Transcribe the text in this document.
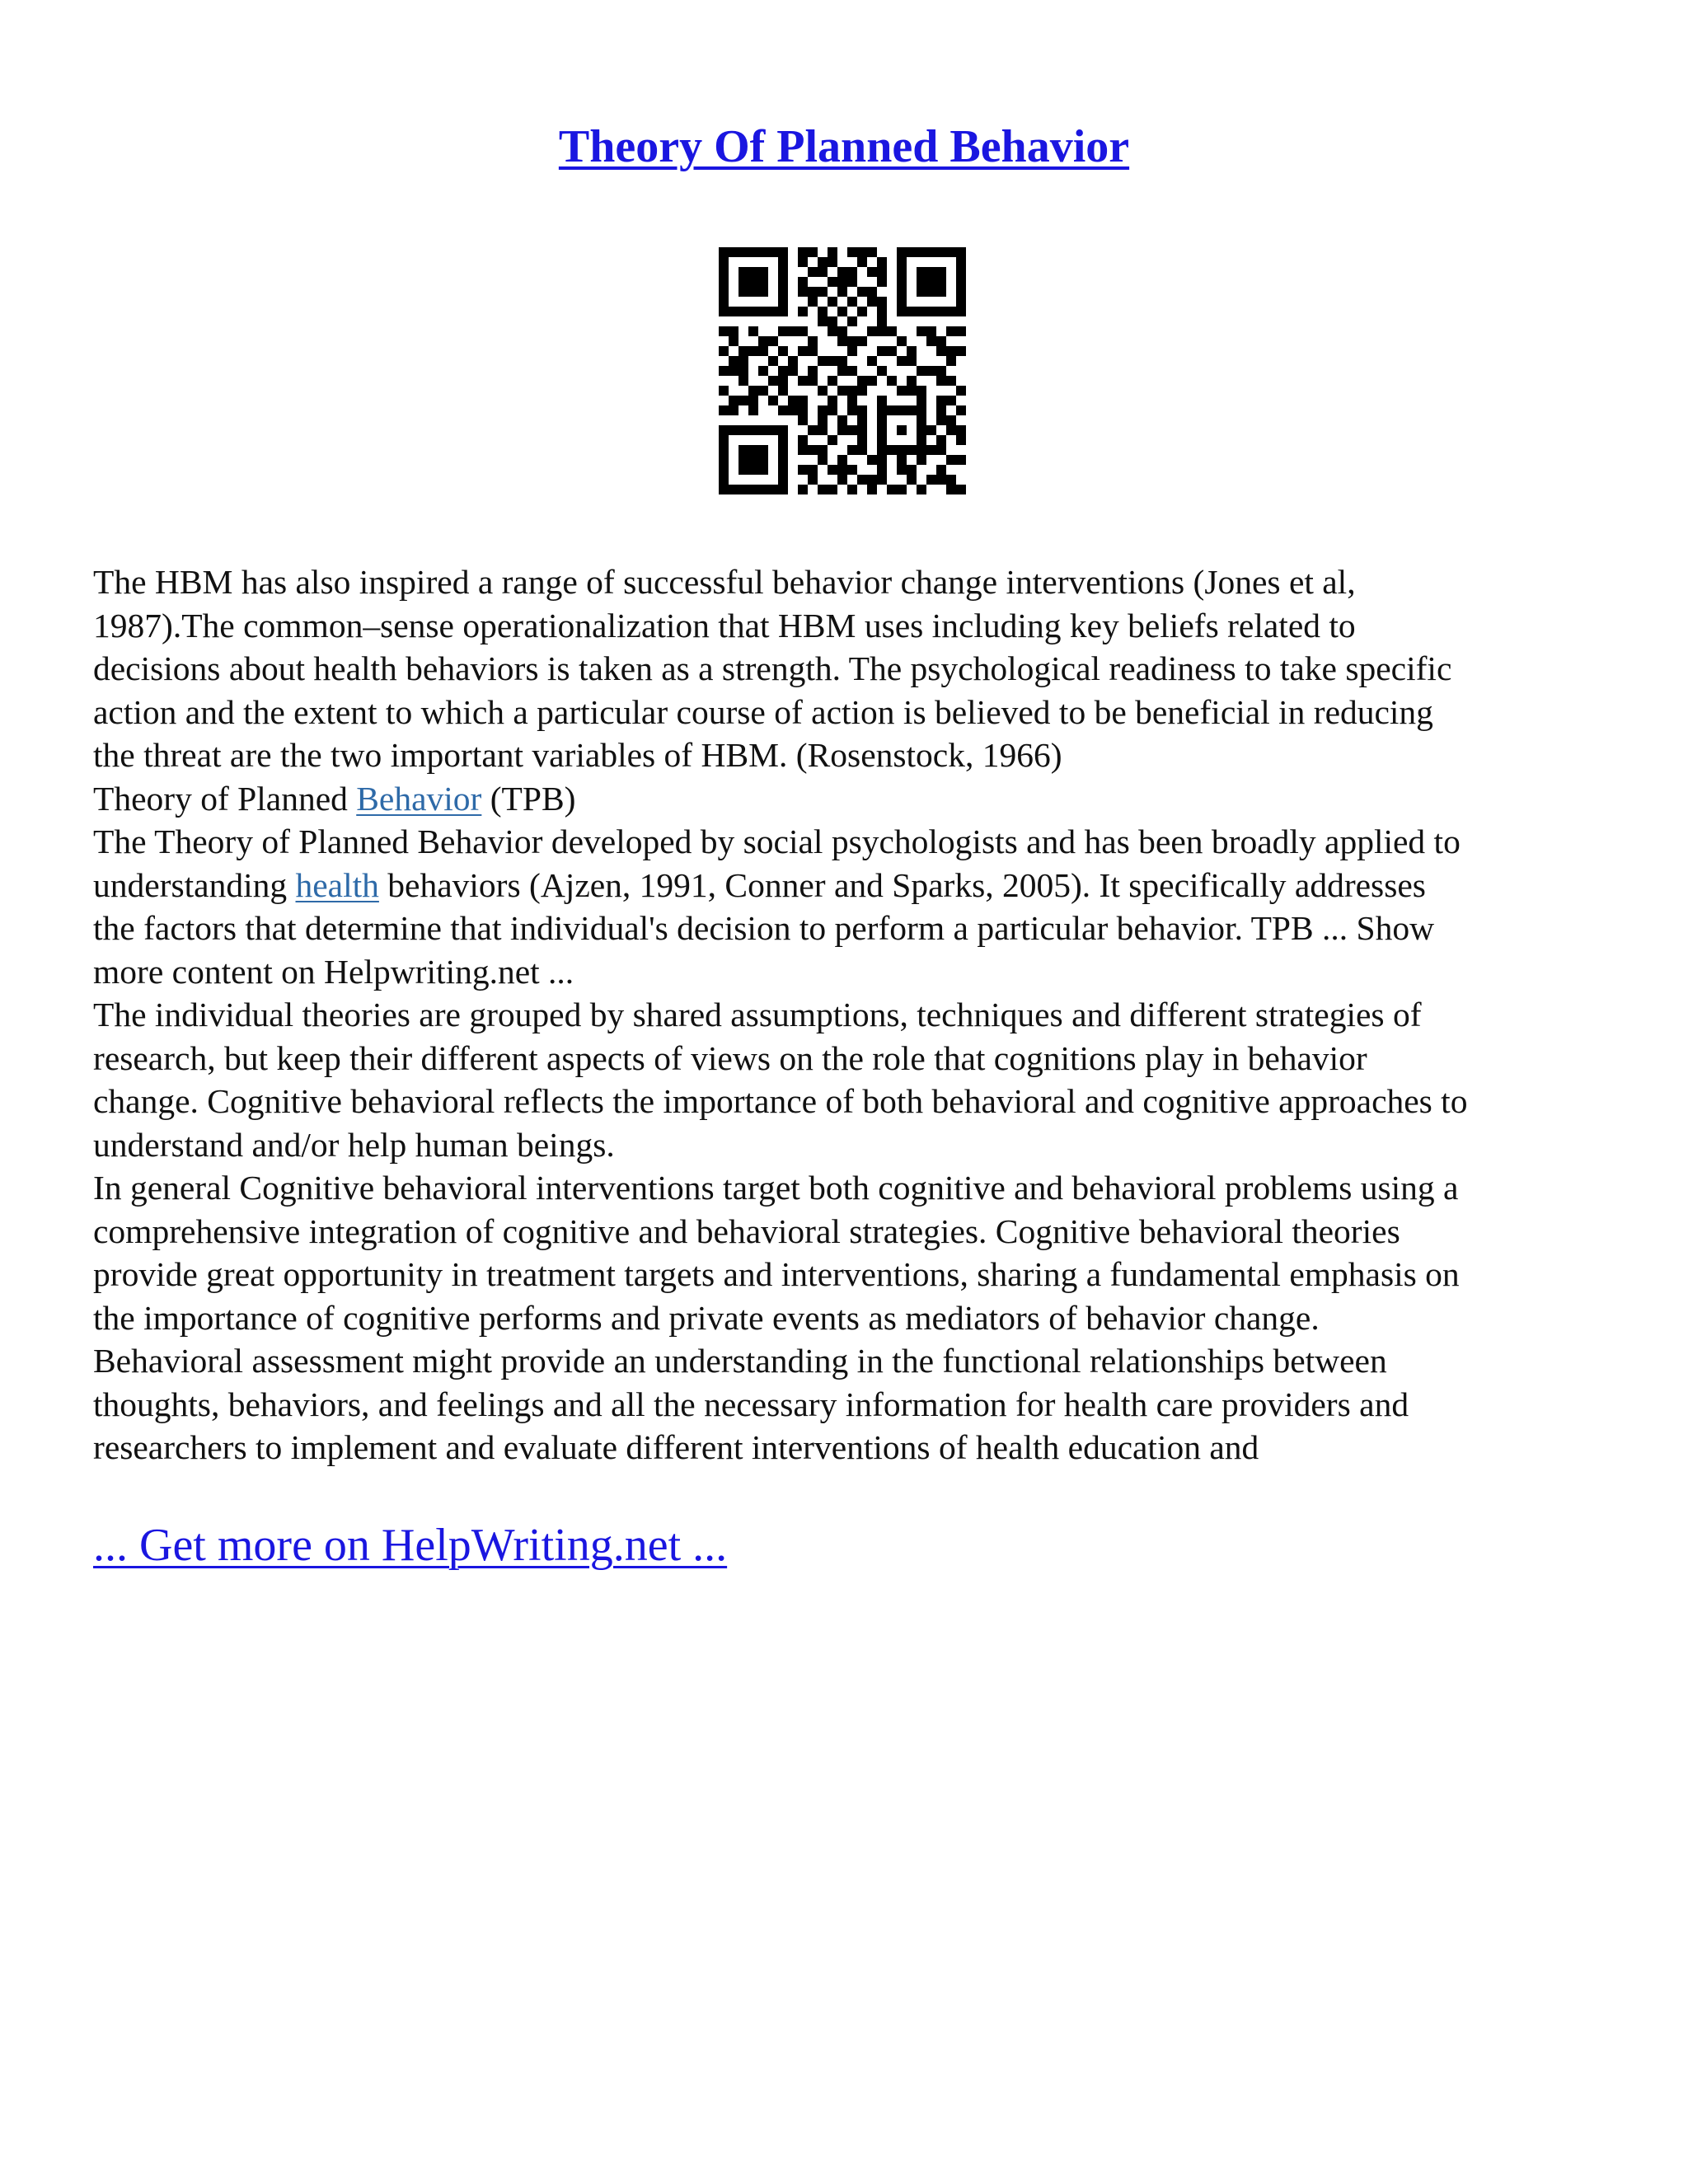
Theory Of Planned Behavior
The HBM has also inspired a range of successful behavior change interventions (Jones et al,
1987).The common–sense operationalization that HBM uses including key beliefs related to
decisions about health behaviors is taken as a strength. The psychological readiness to take specific
action and the extent to which a particular course of action is believed to be beneficial in reducing
the threat are the two important variables of HBM. (Rosenstock, 1966)
Theory of Planned Behavior (TPB)
The Theory of Planned Behavior developed by social psychologists and has been broadly applied to
understanding health behaviors (Ajzen, 1991, Conner and Sparks, 2005). It specifically addresses
the factors that determine that individual's decision to perform a particular behavior. TPB ... Show
more content on Helpwriting.net ...
The individual theories are grouped by shared assumptions, techniques and different strategies of
research, but keep their different aspects of views on the role that cognitions play in behavior
change. Cognitive behavioral reflects the importance of both behavioral and cognitive approaches to
understand and/or help human beings.
In general Cognitive behavioral interventions target both cognitive and behavioral problems using a
comprehensive integration of cognitive and behavioral strategies. Cognitive behavioral theories
provide great opportunity in treatment targets and interventions, sharing a fundamental emphasis on
the importance of cognitive performs and private events as mediators of behavior change.
Behavioral assessment might provide an understanding in the functional relationships between
thoughts, behaviors, and feelings and all the necessary information for health care providers and
researchers to implement and evaluate different interventions of health education and

... Get more on HelpWriting.net ...
